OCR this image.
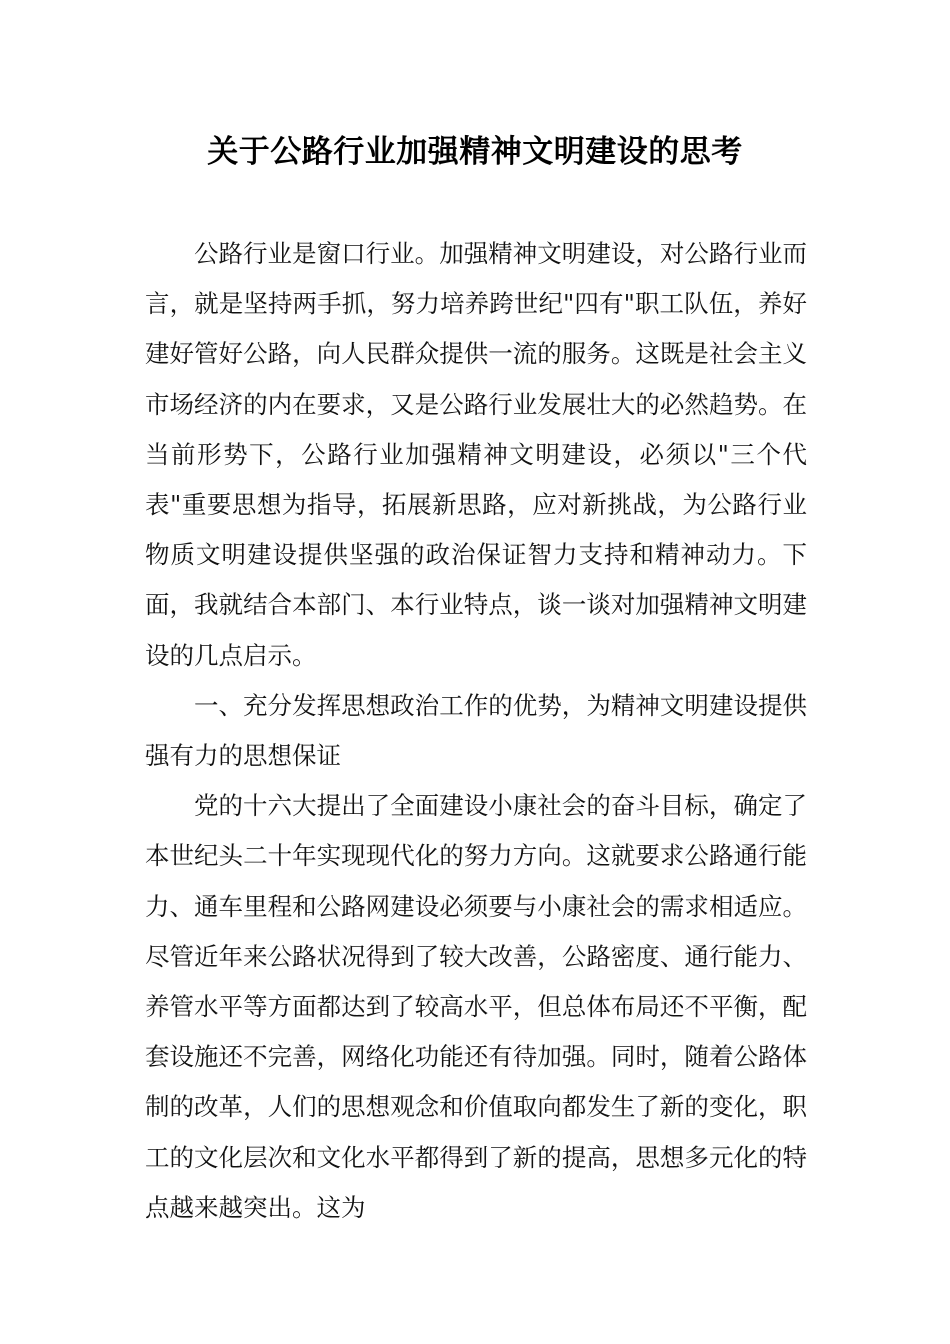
关于公路行业加强精神文明建设的思考

公路行业是窗口行业。加强精神文明建设，对公路行业而言，就是坚持两手抓，努力培养跨世纪"四有"职工队伍，养好建好管好公路，向人民群众提供一流的服务。这既是社会主义市场经济的内在要求，又是公路行业发展壮大的必然趋势。在当前形势下，公路行业加强精神文明建设，必须以"三个代表"重要思想为指导，拓展新思路，应对新挑战，为公路行业物质文明建设提供坚强的政治保证智力支持和精神动力。下面，我就结合本部门、本行业特点，谈一谈对加强精神文明建设的几点启示。

一、充分发挥思想政治工作的优势，为精神文明建设提供强有力的思想保证

党的十六大提出了全面建设小康社会的奋斗目标，确定了本世纪头二十年实现现代化的努力方向。这就要求公路通行能力、通车里程和公路网建设必须要与小康社会的需求相适应。尽管近年来公路状况得到了较大改善，公路密度、通行能力、养管水平等方面都达到了较高水平，但总体布局还不平衡，配套设施还不完善，网络化功能还有待加强。同时，随着公路体制的改革，人们的思想观念和价值取向都发生了新的变化，职工的文化层次和文化水平都得到了新的提高，思想多元化的特点越来越突出。这为
